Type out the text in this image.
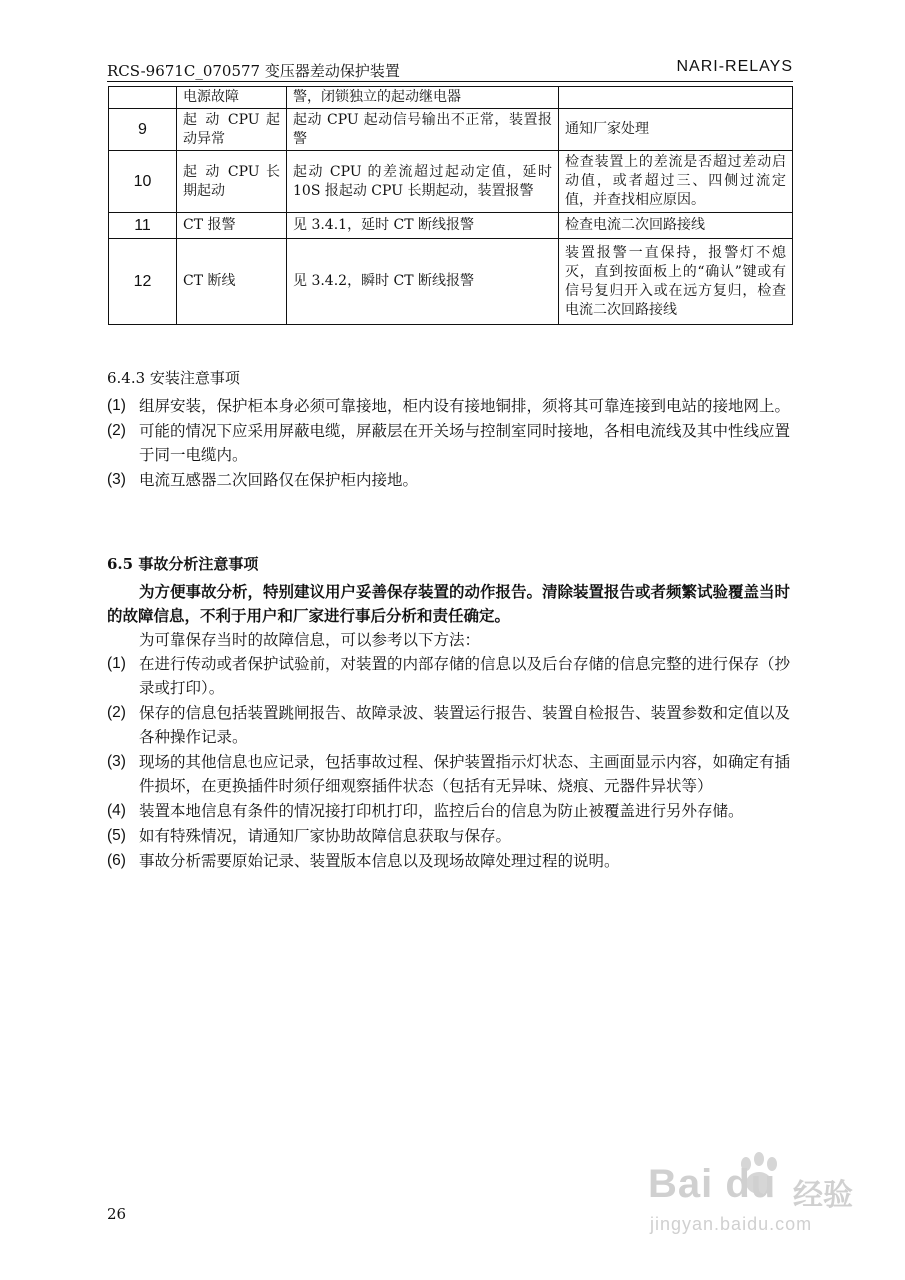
RCS-9671C_070577 变压器差动保护装置	NARI-RELAYS
	电源故障	警，闭锁独立的起动继电器	
9	起 动 CPU 起动异常	起动 CPU 起动信号输出不正常，装置报警	通知厂家处理
10	起 动 CPU 长期起动	起动 CPU 的差流超过起动定值，延时 10S 报起动 CPU 长期起动，装置报警	检查装置上的差流是否超过差动启动值，或者超过三、四侧过流定值，并查找相应原因。
11	CT 报警	见 3.4.1，延时 CT 断线报警	检查电流二次回路接线
12	CT 断线	见 3.4.2，瞬时 CT 断线报警	装置报警一直保持，报警灯不熄灭，直到按面板上的“确认”键或有信号复归开入或在远方复归，检查电流二次回路接线
6.4.3 安装注意事项
(1) 组屏安装，保护柜本身必须可靠接地，柜内设有接地铜排，须将其可靠连接到电站的接地网上。
(2) 可能的情况下应采用屏蔽电缆，屏蔽层在开关场与控制室同时接地，各相电流线及其中性线应置于同一电缆内。
(3) 电流互感器二次回路仅在保护柜内接地。
6.5 事故分析注意事项
为方便事故分析，特别建议用户妥善保存装置的动作报告。清除装置报告或者频繁试验覆盖当时的故障信息，不利于用户和厂家进行事后分析和责任确定。
为可靠保存当时的故障信息，可以参考以下方法：
(1) 在进行传动或者保护试验前，对装置的内部存储的信息以及后台存储的信息完整的进行保存（抄录或打印）。
(2) 保存的信息包括装置跳闸报告、故障录波、装置运行报告、装置自检报告、装置参数和定值以及各种操作记录。
(3) 现场的其他信息也应记录，包括事故过程、保护装置指示灯状态、主画面显示内容，如确定有插件损坏，在更换插件时须仔细观察插件状态（包括有无异味、烧痕、元器件异状等）
(4) 装置本地信息有条件的情况接打印机打印，监控后台的信息为防止被覆盖进行另外存储。
(5) 如有特殊情况，请通知厂家协助故障信息获取与保存。
(6) 事故分析需要原始记录、装置版本信息以及现场故障处理过程的说明。
26
Bai du 经验
jingyan.baidu.com
